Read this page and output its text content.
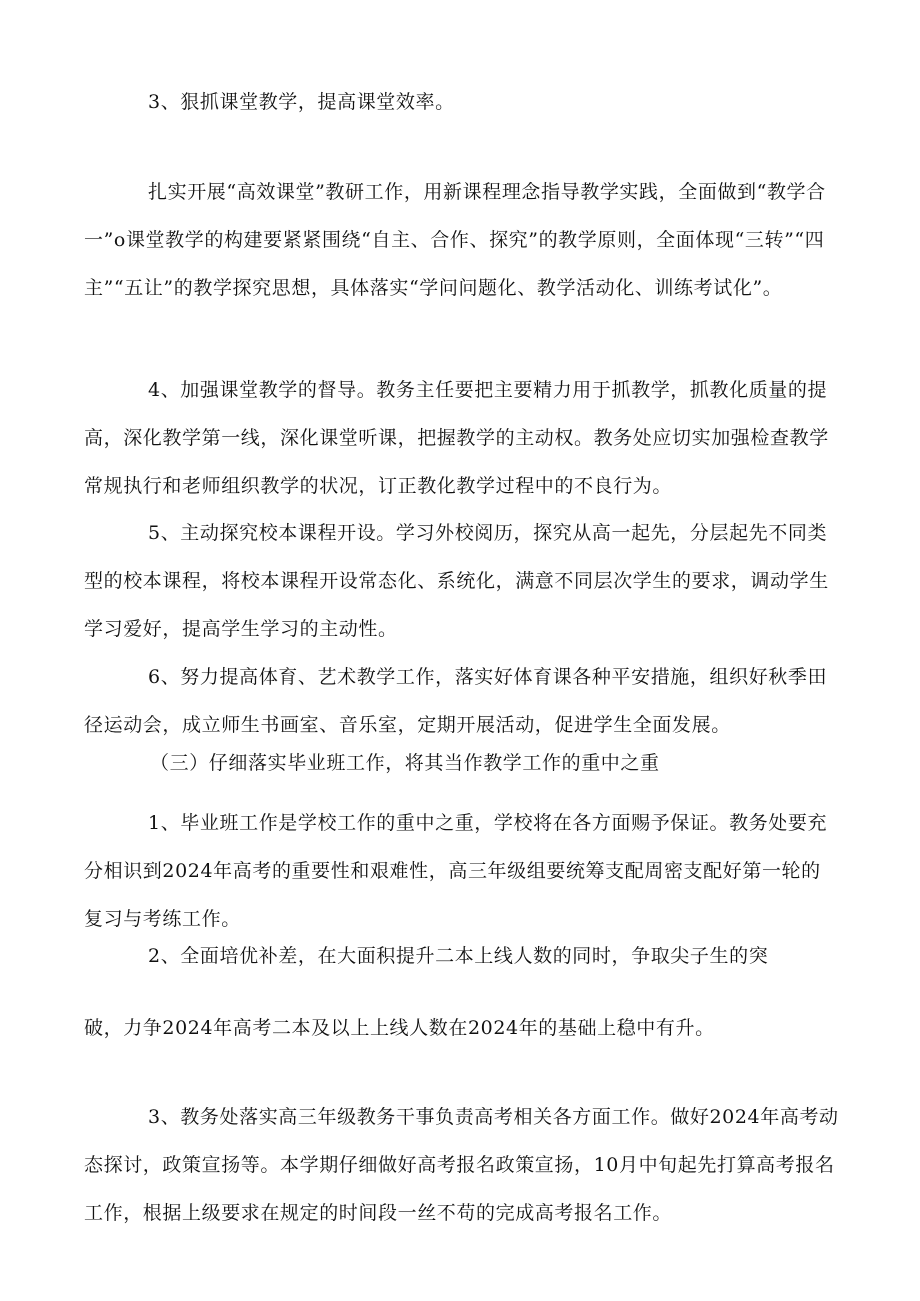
3、狠抓课堂教学，提高课堂效率。
扎实开展“高效课堂”教研工作，用新课程理念指导教学实践，全面做到“教学合一”o课堂教学的构建要紧紧围绕“自主、合作、探究”的教学原则，全面体现“三转”“四主”“五让”的教学探究思想，具体落实“学问问题化、教学活动化、训练考试化”。
4、加强课堂教学的督导。教务主任要把主要精力用于抓教学，抓教化质量的提高，深化教学第一线，深化课堂听课，把握教学的主动权。教务处应切实加强检查教学常规执行和老师组织教学的状况，订正教化教学过程中的不良行为。
5、主动探究校本课程开设。学习外校阅历，探究从高一起先，分层起先不同类型的校本课程，将校本课程开设常态化、系统化，满意不同层次学生的要求，调动学生学习爱好，提高学生学习的主动性。
6、努力提高体育、艺术教学工作，落实好体育课各种平安措施，组织好秋季田径运动会，成立师生书画室、音乐室，定期开展活动，促进学生全面发展。
（三）仔细落实毕业班工作，将其当作教学工作的重中之重
1、毕业班工作是学校工作的重中之重，学校将在各方面赐予保证。教务处要充分相识到2024年高考的重要性和艰难性，高三年级组要统筹支配周密支配好第一轮的复习与考练工作。
2、全面培优补差，在大面积提升二本上线人数的同时，争取尖子生的突
破，力争2024年高考二本及以上上线人数在2024年的基础上稳中有升。
3、教务处落实高三年级教务干事负责高考相关各方面工作。做好2024年高考动态探讨，政策宣扬等。本学期仔细做好高考报名政策宣扬，10月中旬起先打算高考报名工作，根据上级要求在规定的时间段一丝不苟的完成高考报名工作。
